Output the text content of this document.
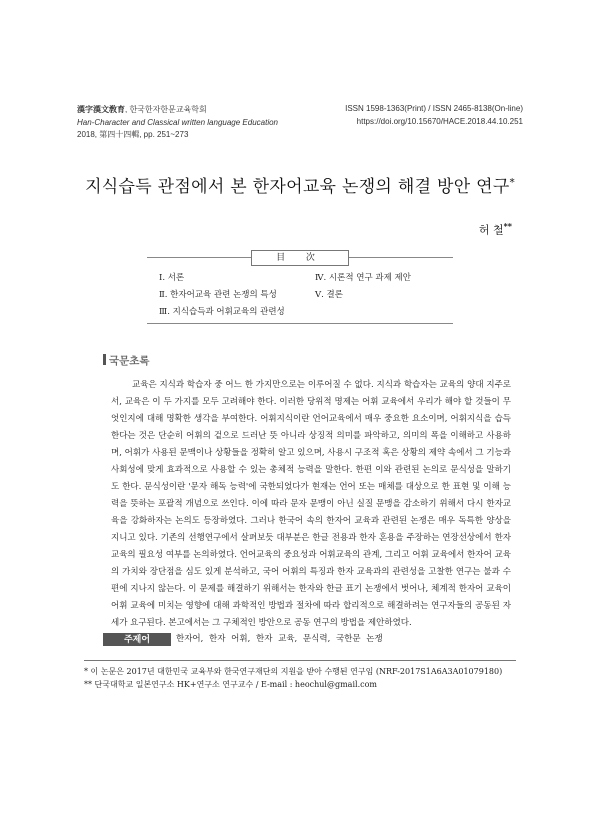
漢字漢文敎育, 한국한자한문교육학회
Han-Character and Classical written language Education
2018, 第四十四輯, pp. 251~273
ISSN 1598-1363(Print) / ISSN 2465-8138(On-line)
https://doi.org/10.15670/HACE.2018.44.10.251
지식습득 관점에서 본 한자어교육 논쟁의 해결 방안 연구*
허 철**
目 次
Ⅰ. 서론
Ⅱ. 한자어교육 관련 논쟁의 특성
Ⅲ. 지식습득과 어휘교육의 관련성
Ⅳ. 시론적 연구 과제 제안
Ⅴ. 결론
국문초록

교육은 지식과 학습자 중 어느 한 가지만으로는 이루어질 수 없다. 지식과 학습자는 교육의 양대 지주로서, 교육은 이 두 가지를 모두 고려해야 한다. 이러한 당위적 명제는 어휘 교육에서 우리가 해야 할 것들이 무엇인지에 대해 명확한 생각을 부여한다. 어휘지식이란 언어교육에서 매우 중요한 요소이며, 어휘지식을 습득한다는 것은 단순히 어휘의 겉으로 드러난 뜻 아니라 상징적 의미를 파악하고, 의미의 폭을 이해하고 사용하며, 어휘가 사용된 문맥이나 상황들을 정확히 알고 있으며, 사용시 구조적 혹은 상황의 제약 속에서 그 기능과 사회성에 맞게 효과적으로 사용할 수 있는 총체적 능력을 말한다. 한편 이와 관련된 논의로 문식성을 말하기도 한다. 문식성이란 '문자 해독 능력'에 국한되었다가 현재는 언어 또는 매체를 대상으로 한 표현 및 이해 능력을 뜻하는 포괄적 개념으로 쓰인다. 이에 따라 문자 문맹이 아닌 실질 문맹을 감소하기 위해서 다시 한자교육을 강화하자는 논의도 등장하였다. 그러나 한국어 속의 한자어 교육과 관련된 논쟁은 매우 독특한 양상을 지니고 있다. 기존의 선행연구에서 살펴보듯 대부분은 한글 전용과 한자 혼용을 주장하는 연장선상에서 한자 교육의 필요성 여부를 논의하였다. 언어교육의 중요성과 어휘교육의 관계, 그리고 어휘 교육에서 한자어 교육의 가치와 장단점을 심도 있게 분석하고, 국어 어휘의 특징과 한자 교육과의 관련성을 고찰한 연구는 불과 수 편에 지나지 않는다. 이 문제를 해결하기 위해서는 한자와 한글 표기 논쟁에서 벗어나, 체계적 한자어 교육이 어휘 교육에 미치는 영향에 대해 과학적인 방법과 절차에 따라 합리적으로 해결하려는 연구자들의 공동된 자세가 요구된다. 본고에서는 그 구체적인 방안으로 공동 연구의 방법을 제안하였다.

주제어	한자어, 한자 어휘, 한자 교육, 문식력, 국한문 논쟁
* 이 논문은 2017년 대한민국 교육부와 한국연구재단의 지원을 받아 수행된 연구임 (NRF-2017S1A6A3A01079180)
** 단국대학교 일본연구소 HK+연구소 연구교수 / E-mail : heochul@gmail.com
